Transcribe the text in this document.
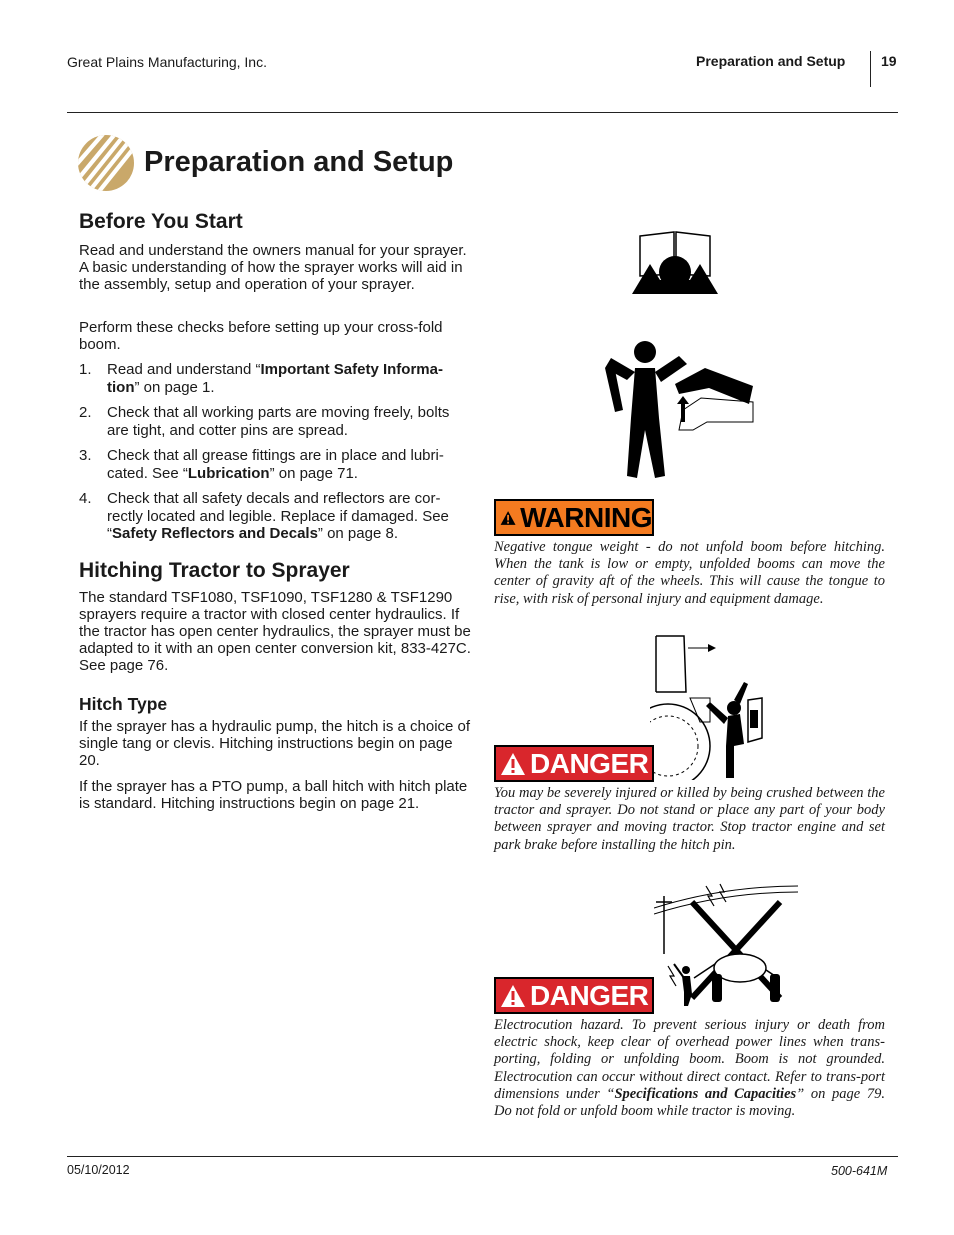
Great Plains Manufacturing, Inc.	Preparation and Setup	19
Preparation and Setup
Before You Start

Read and understand the owners manual for your sprayer. A basic understanding of how the sprayer works will aid in the assembly, setup and operation of your sprayer.

Perform these checks before setting up your cross-fold boom.

1. Read and understand “Important Safety Informa-tion” on page 1.
2. Check that all working parts are moving freely, bolts are tight, and cotter pins are spread.
3. Check that all grease fittings are in place and lubri-cated. See “Lubrication” on page 71.
4. Check that all safety decals and reflectors are cor-rectly located and legible. Replace if damaged. See “Safety Reflectors and Decals” on page 8.
Hitching Tractor to Sprayer

The standard TSF1080, TSF1090, TSF1280 & TSF1290 sprayers require a tractor with closed center hydraulics. If the tractor has open center hydraulics, the sprayer must be adapted to it with an open center conversion kit, 833-427C. See page 76.

Hitch Type

If the sprayer has a hydraulic pump, the hitch is a choice of single tang or clevis. Hitching instructions begin on page 20.

If the sprayer has a PTO pump, a ball hitch with hitch plate is standard. Hitching instructions begin on page 21.

WARNING

Negative tongue weight - do not unfold boom before hitching. When the tank is low or empty, unfolded booms can move the center of gravity aft of the wheels. This will cause the tongue to rise, with risk of personal injury and equipment damage.

DANGER

You may be severely injured or killed by being crushed between the tractor and sprayer. Do not stand or place any part of your body between sprayer and moving tractor. Stop tractor engine and set park brake before installing the hitch pin.

DANGER

Electrocution hazard. To prevent serious injury or death from electric shock, keep clear of overhead power lines when trans-porting, folding or unfolding boom. Boom is not grounded. Electrocution can occur without direct contact. Refer to trans-port dimensions under “Specifications and Capacities” on page 79. Do not fold or unfold boom while tractor is moving.

05/10/2012	500-641M
